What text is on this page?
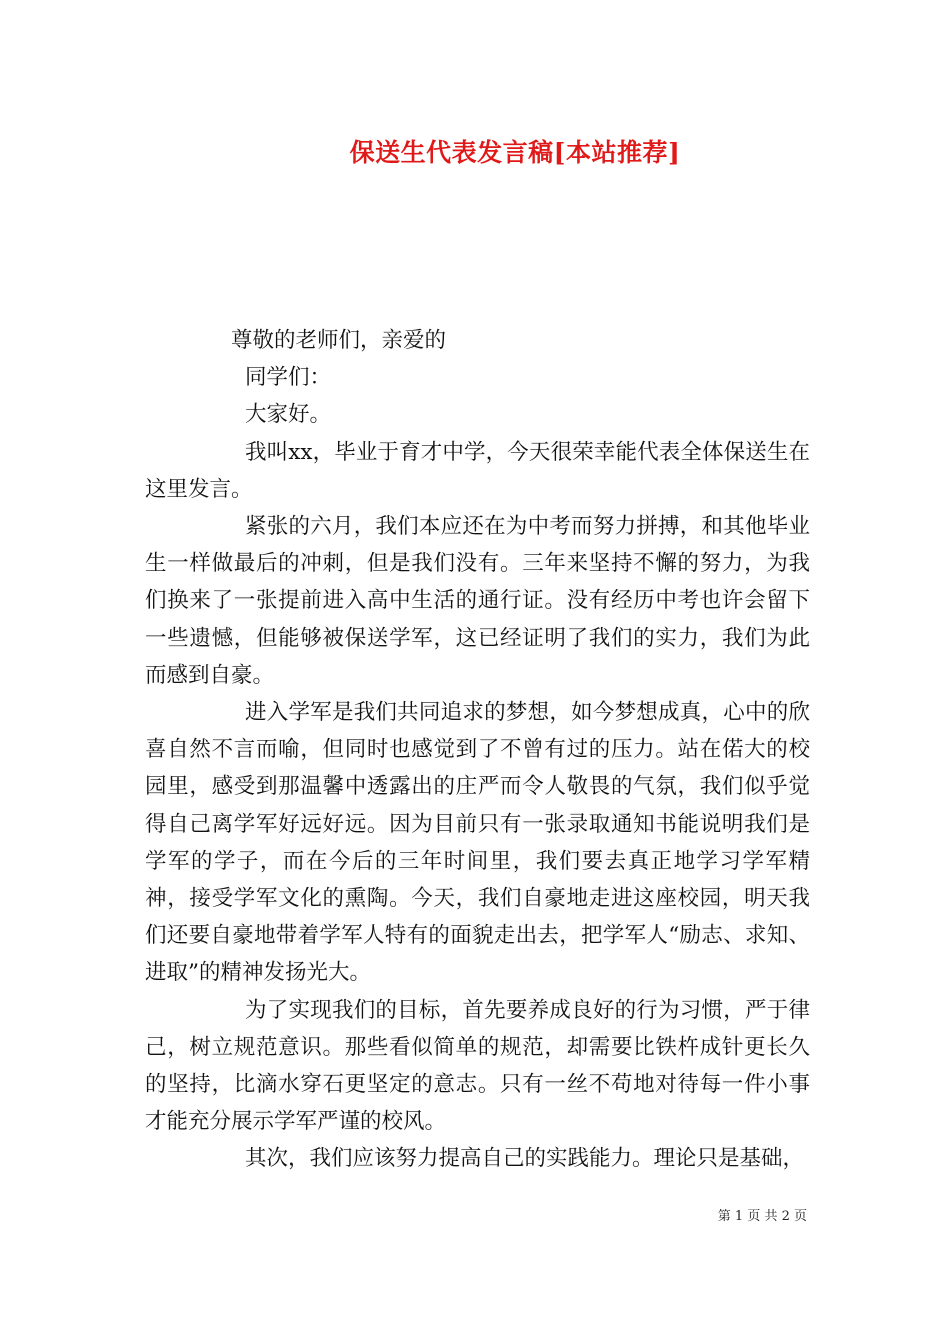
保送生代表发言稿[本站推荐]

尊敬的老师们，亲爱的

同学们：

大家好。

我叫xx，毕业于育才中学，今天很荣幸能代表全体保送生在这里发言。

紧张的六月，我们本应还在为中考而努力拼搏，和其他毕业生一样做最后的冲刺，但是我们没有。三年来坚持不懈的努力，为我们换来了一张提前进入高中生活的通行证。没有经历中考也许会留下一些遗憾，但能够被保送学军，这已经证明了我们的实力，我们为此而感到自豪。

进入学军是我们共同追求的梦想，如今梦想成真，心中的欣喜自然不言而喻，但同时也感觉到了不曾有过的压力。站在偌大的校园里，感受到那温馨中透露出的庄严而令人敬畏的气氛，我们似乎觉得自己离学军好远好远。因为目前只有一张录取通知书能说明我们是学军的学子，而在今后的三年时间里，我们要去真正地学习学军精神，接受学军文化的熏陶。今天，我们自豪地走进这座校园，明天我们还要自豪地带着学军人特有的面貌走出去，把学军人“励志、求知、进取”的精神发扬光大。

为了实现我们的目标，首先要养成良好的行为习惯，严于律己，树立规范意识。那些看似简单的规范，却需要比铁杵成针更长久的坚持，比滴水穿石更坚定的意志。只有一丝不苟地对待每一件小事才能充分展示学军严谨的校风。

其次，我们应该努力提高自己的实践能力。理论只是基础，

第 1 页 共 2 页
